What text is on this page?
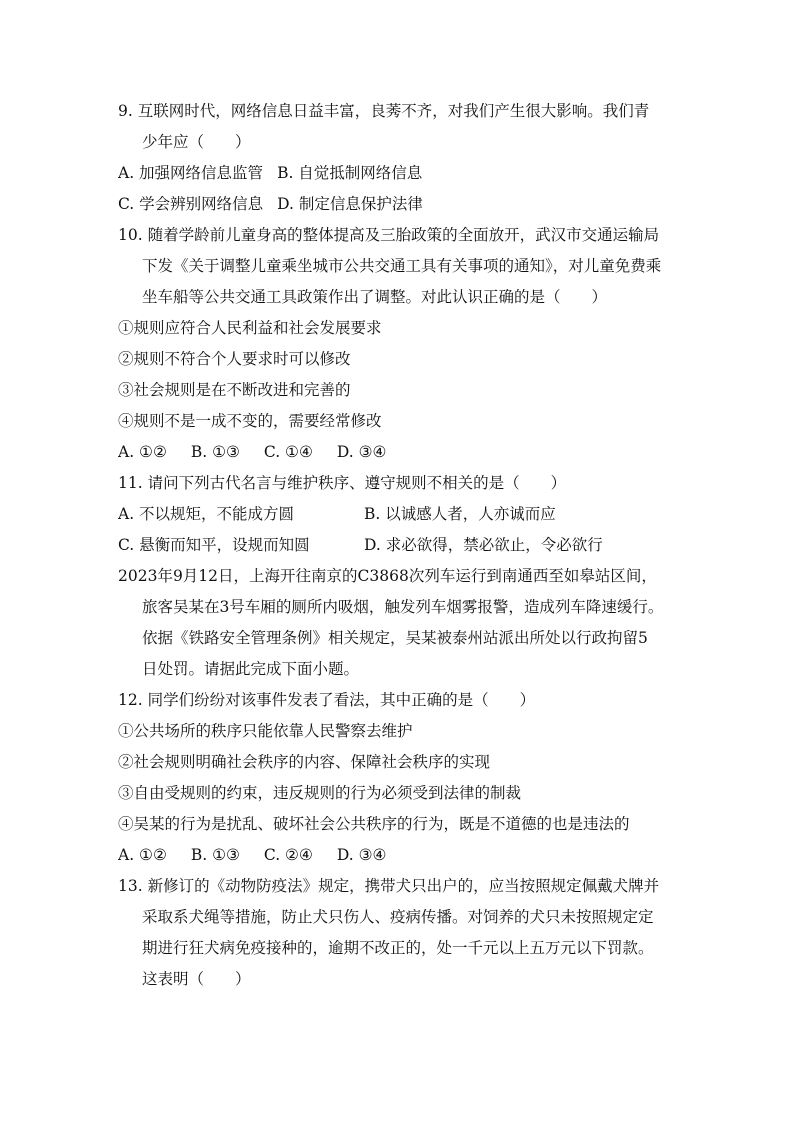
9. 互联网时代，网络信息日益丰富，良莠不齐，对我们产生很大影响。我们青
少年应（　　）
A. 加强网络信息监管 B. 自觉抵制网络信息
C. 学会辨别网络信息 D. 制定信息保护法律
10. 随着学龄前儿童身高的整体提高及三胎政策的全面放开，武汉市交通运输局
下发《关于调整儿童乘坐城市公共交通工具有关事项的通知》，对儿童免费乘
坐车船等公共交通工具政策作出了调整。对此认识正确的是（　　）
①规则应符合人民利益和社会发展要求
②规则不符合个人要求时可以修改
③社会规则是在不断改进和完善的
④规则不是一成不变的，需要经常修改
A. ①② B. ①③ C. ①④ D. ③④
11. 请问下列古代名言与维护秩序、遵守规则不相关的是（　　）
A. 不以规矩，不能成方圆	B. 以诚感人者，人亦诚而应
C. 悬衡而知平，设规而知圆	D. 求必欲得，禁必欲止，令必欲行
2023年9月12日，上海开往南京的C3868次列车运行到南通西至如皋站区间，
旅客吴某在3号车厢的厕所内吸烟，触发列车烟雾报警，造成列车降速缓行。
依据《铁路安全管理条例》相关规定，吴某被泰州站派出所处以行政拘留5
日处罚。请据此完成下面小题。
12. 同学们纷纷对该事件发表了看法，其中正确的是（　　）
①公共场所的秩序只能依靠人民警察去维护
②社会规则明确社会秩序的内容、保障社会秩序的实现
③自由受规则的约束，违反规则的行为必须受到法律的制裁
④吴某的行为是扰乱、破坏社会公共秩序的行为，既是不道德的也是违法的
A. ①② B. ①③ C. ②④ D. ③④
13. 新修订的《动物防疫法》规定，携带犬只出户的，应当按照规定佩戴犬牌并
采取系犬绳等措施，防止犬只伤人、疫病传播。对饲养的犬只未按照规定定
期进行狂犬病免疫接种的，逾期不改正的，处一千元以上五万元以下罚款。
这表明（　　）
